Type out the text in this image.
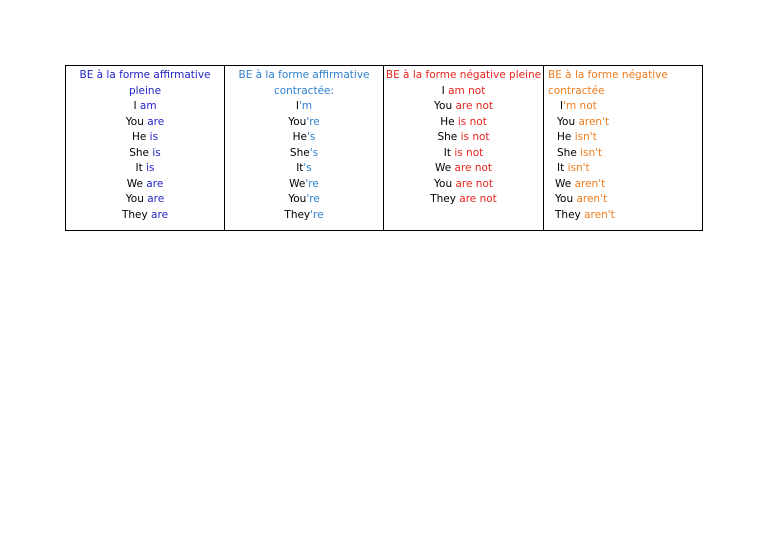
BE à la forme affirmative
pleine
I am
You are
He is
She is
It is
We are
You are
They are
BE à la forme affirmative
contractée:
I'm
You're
He's
She's
It's
We're
You're
They're
BE à la forme négative pleine
I am not
You are not
He is not
She is not
It is not
We are not
You are not
They are not
BE à la forme négative
contractée
I'm not
You aren't
He isn't
She isn't
It isn't
We aren't
You aren't
They aren't
